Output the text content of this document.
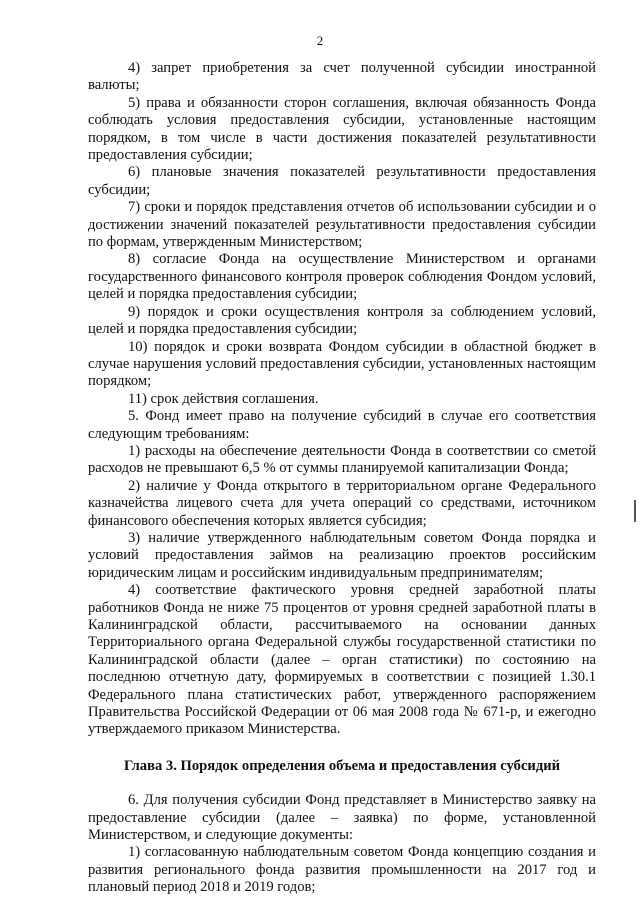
2

4) запрет приобретения за счет полученной субсидии иностранной валюты;

5) права и обязанности сторон соглашения, включая обязанность Фонда соблюдать условия предоставления субсидии, установленные настоящим порядком, в том числе в части достижения показателей результативности предоставления субсидии;

6) плановые значения показателей результативности предоставления субсидии;

7) сроки и порядок представления отчетов об использовании субсидии и о достижении значений показателей результативности предоставления субсидии по формам, утвержденным Министерством;

8) согласие Фонда на осуществление Министерством и органами государственного финансового контроля проверок соблюдения Фондом условий, целей и порядка предоставления субсидии;

9) порядок и сроки осуществления контроля за соблюдением условий, целей и порядка предоставления субсидии;

10) порядок и сроки возврата Фондом субсидии в областной бюджет в случае нарушения условий предоставления субсидии, установленных настоящим порядком;

11) срок действия соглашения.

5. Фонд имеет право на получение субсидий в случае его соответствия следующим требованиям:

1) расходы на обеспечение деятельности Фонда в соответствии со сметой расходов не превышают 6,5 % от суммы планируемой капитализации Фонда;

2) наличие у Фонда открытого в территориальном органе Федерального казначейства лицевого счета для учета операций со средствами, источником финансового обеспечения которых является субсидия;

3) наличие утвержденного наблюдательным советом Фонда порядка и условий предоставления займов на реализацию проектов российским юридическим лицам и российским индивидуальным предпринимателям;

4) соответствие фактического уровня средней заработной платы работников Фонда не ниже 75 процентов от уровня средней заработной платы в Калининградской области, рассчитываемого на основании данных Территориального органа Федеральной службы государственной статистики по Калининградской области (далее – орган статистики) по состоянию на последнюю отчетную дату, формируемых в соответствии с позицией 1.30.1 Федерального плана статистических работ, утвержденного распоряжением Правительства Российской Федерации от 06 мая 2008 года № 671-р, и ежегодно утверждаемого приказом Министерства.

Глава 3. Порядок определения объема и предоставления субсидий

6. Для получения субсидии Фонд представляет в Министерство заявку на предоставление субсидии (далее – заявка) по форме, установленной Министерством, и следующие документы:

1) согласованную наблюдательным советом Фонда концепцию создания и развития регионального фонда развития промышленности на 2017 год и плановый период 2018 и 2019 годов;
